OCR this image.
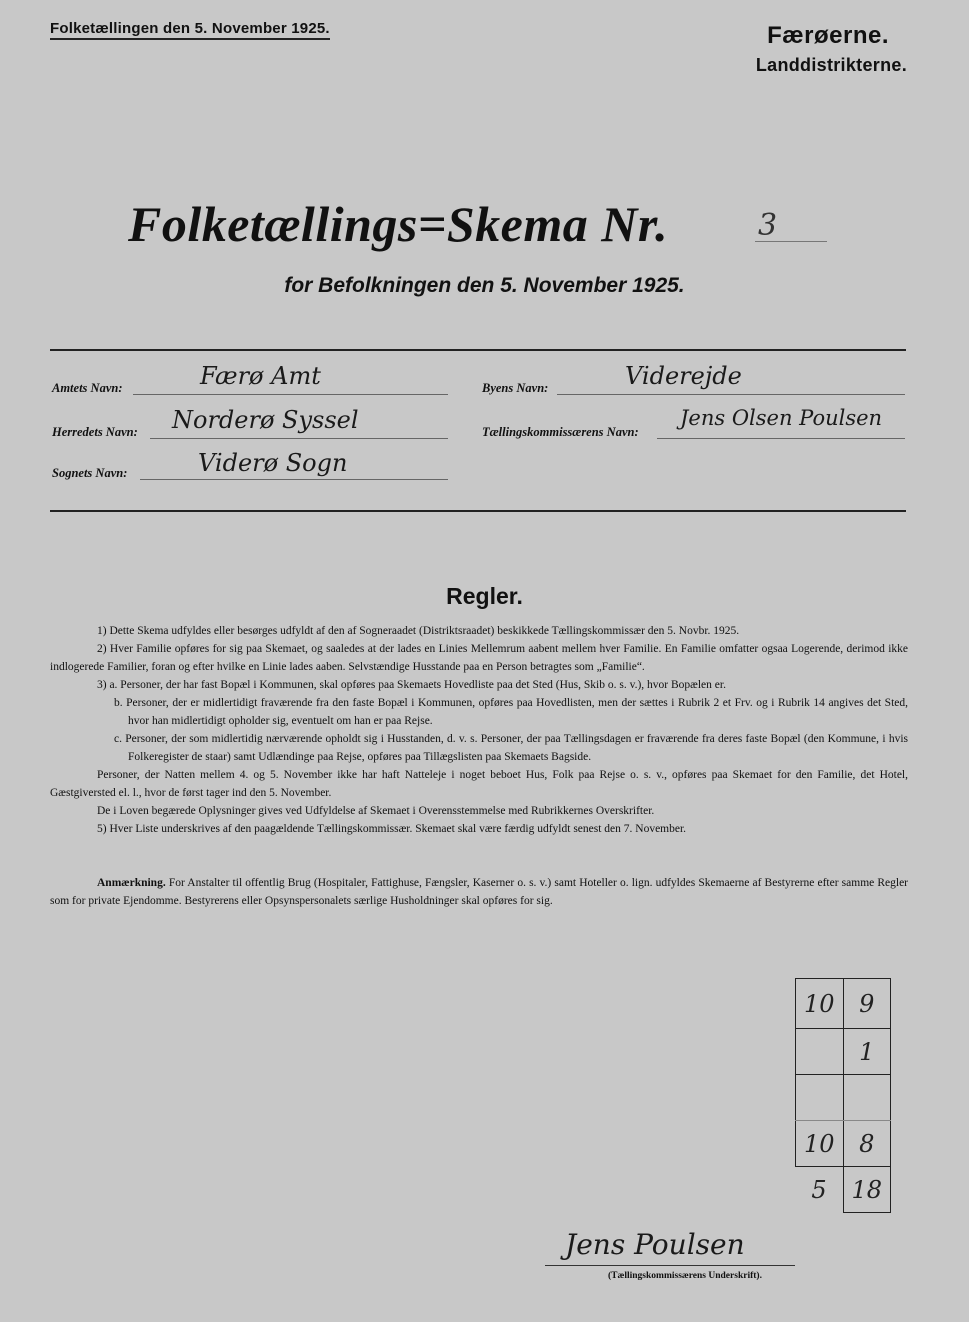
Folketællingen den 5. November 1925.	Færøerne.
Landdistrikterne.
Folketællings=Skema Nr.	3
for Befolkningen den 5. November 1925.
Amtets Navn:	Færø Amt
Herredets Navn: Norderø Syssel
Sognets Navn:	Viderø Sogn
Byens Navn:	Viderejde
Tællingskommissærens Navn:
Jens Olsen Poulsen
Regler.

1) Dette Skema udfyldes eller besørges udfyldt af den af Sogneraadet (Distriktsraadet) beskikkede Tællingskommissær den 5. Novbr. 1925.

2) Hver Familie opføres for sig paa Skemaet, og saaledes at der lades en Linies Mellemrum aabent mellem hver Familie. En Familie omfatter ogsaa Logerende, derimod ikke indlogerede Familier, foran og efter hvilke en Linie lades aaben. Selvstændige Husstande paa en Person betragtes som „Familie“.

3) a. Personer, der har fast Bopæl i Kommunen, skal opføres paa Skemaets Hovedliste paa det Sted (Hus, Skib o. s. v.), hvor Bopælen er.

b. Personer, der er midlertidigt fraværende fra den faste Bopæl i Kommunen, opføres paa Hovedlisten, men der sættes i Rubrik 2 et Frv. og i Rubrik 14 angives det Sted, hvor han midlertidigt opholder sig, eventuelt om han er paa Rejse.

c. Personer, der som midlertidig nærværende opholdt sig i Husstanden, d. v. s. Personer, der paa Tællingsdagen er fraværende fra deres faste Bopæl (den Kommune, i hvis Folkeregister de staar) samt Udlændinge paa Rejse, opføres paa Tillægslisten paa Skemaets Bagside.

Personer, der Natten mellem 4. og 5. November ikke har haft Natteleje i noget beboet Hus, Folk paa Rejse o. s. v., opføres paa Skemaet for den Familie, det Hotel, Gæstgiversted el. l., hvor de først tager ind den 5. November.

De i Loven begærede Oplysninger gives ved Udfyldelse af Skemaet i Overensstemmelse med Rubrikkernes Overskrifter.

5) Hver Liste underskrives af den paagældende Tællingskommissær. Skemaet skal være færdig udfyldt senest den 7. November.

Anmærkning. For Anstalter til offentlig Brug (Hospitaler, Fattighuse, Fængsler, Kaserner o. s. v.) samt Hoteller o. lign. udfyldes Skemaerne af Bestyrerne efter samme Regler som for private Ejendomme. Bestyrerens eller Opsynspersonalets særlige Husholdninger skal opføres for sig.
10	9
	1

10	8
5	18
Jens Poulsen
(Tællingskommissærens Underskrift).
